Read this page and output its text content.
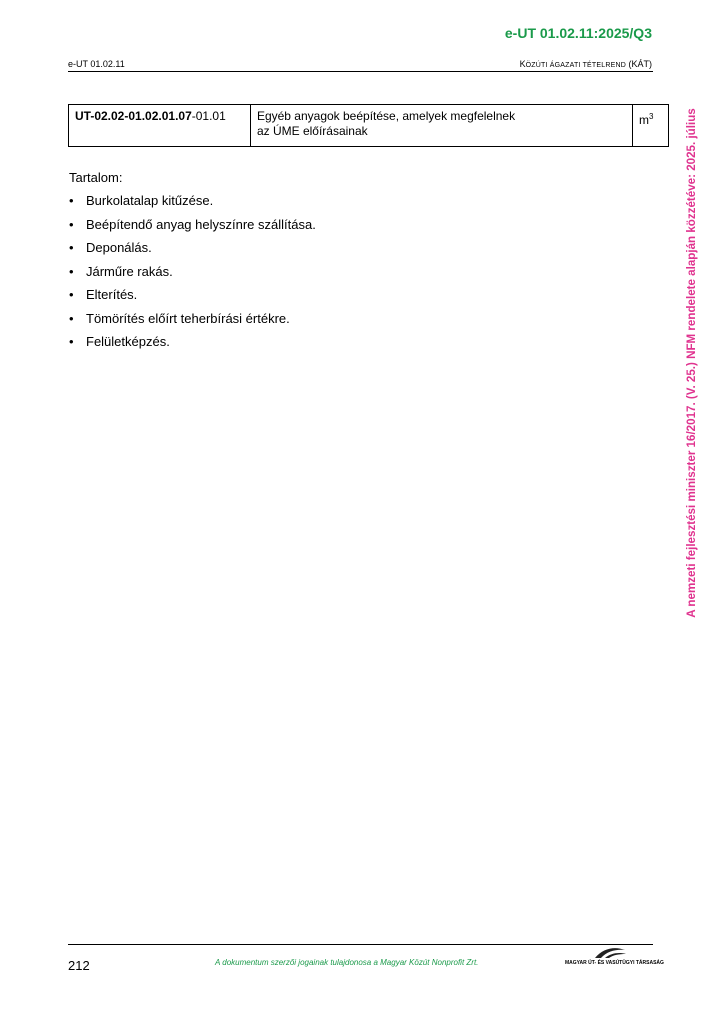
e-UT 01.02.11:2025/Q3
e-UT 01.02.11	KÖZÚTI ÁGAZATI TÉTELREND (KÁT)
UT-02.02-01.02.01.07-01.01	Egyéb anyagok beépítése, amelyek megfelelnek
az ÚME előírásainak	$m^3$
Tartalom:
• Burkolatalap kitűzése.
• Beépítendő anyag helyszínre szállítása.
• Deponálás.
• Járműre rakás.
• Elterítés.
• Tömörítés előírt teherbírási értékre.
• Felületképzés.	A nemzeti fejlesztési miniszter 16/2017. (V. 25.) NFM rendelete alapján közzétéve: 2025. július
212	A dokumentum szerzői jogainak tulajdonosa a Magyar Közút Nonprofit Zrt.	MAGYAR ÚT- ÉS VASÚTÜGYI TÁRSASÁG
